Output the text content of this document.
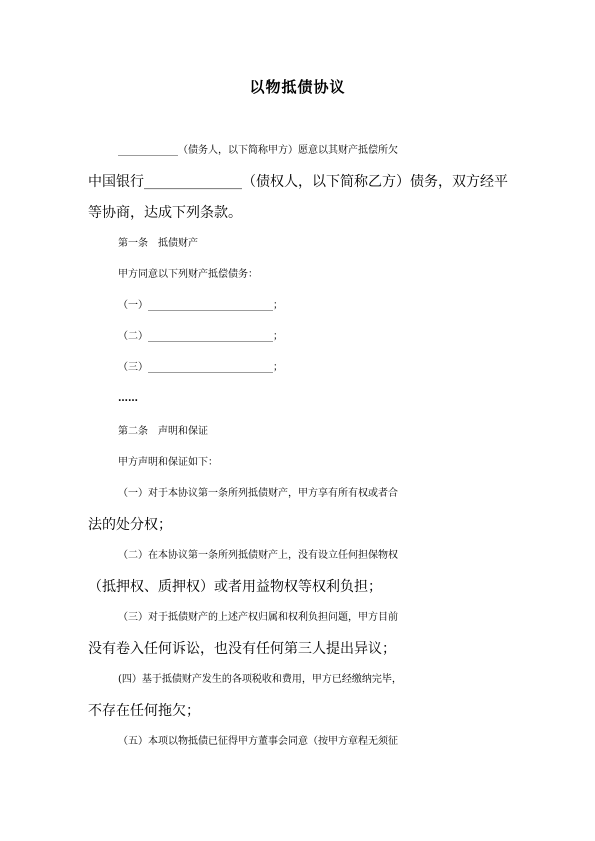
以物抵债协议
____________（债务人，以下简称甲方）愿意以其财产抵偿所欠
中国银行______________（债权人，以下简称乙方）债务，双方经平
等协商，达成下列条款。
第一条　抵债财产
甲方同意以下列财产抵偿债务：
（一）_________________________；
（二）_________________________；
（三）_________________________；
……
第二条　声明和保证
甲方声明和保证如下：
（一）对于本协议第一条所列抵债财产，甲方享有所有权或者合
法的处分权；
（二）在本协议第一条所列抵债财产上，没有设立任何担保物权
（抵押权、质押权）或者用益物权等权利负担；
（三）对于抵债财产的上述产权归属和权利负担问题，甲方目前
没有卷入任何诉讼，也没有任何第三人提出异议；
(四）基于抵债财产发生的各项税收和费用，甲方已经缴纳完毕，
不存在任何拖欠；
（五）本项以物抵债已征得甲方董事会同意（按甲方章程无须征
